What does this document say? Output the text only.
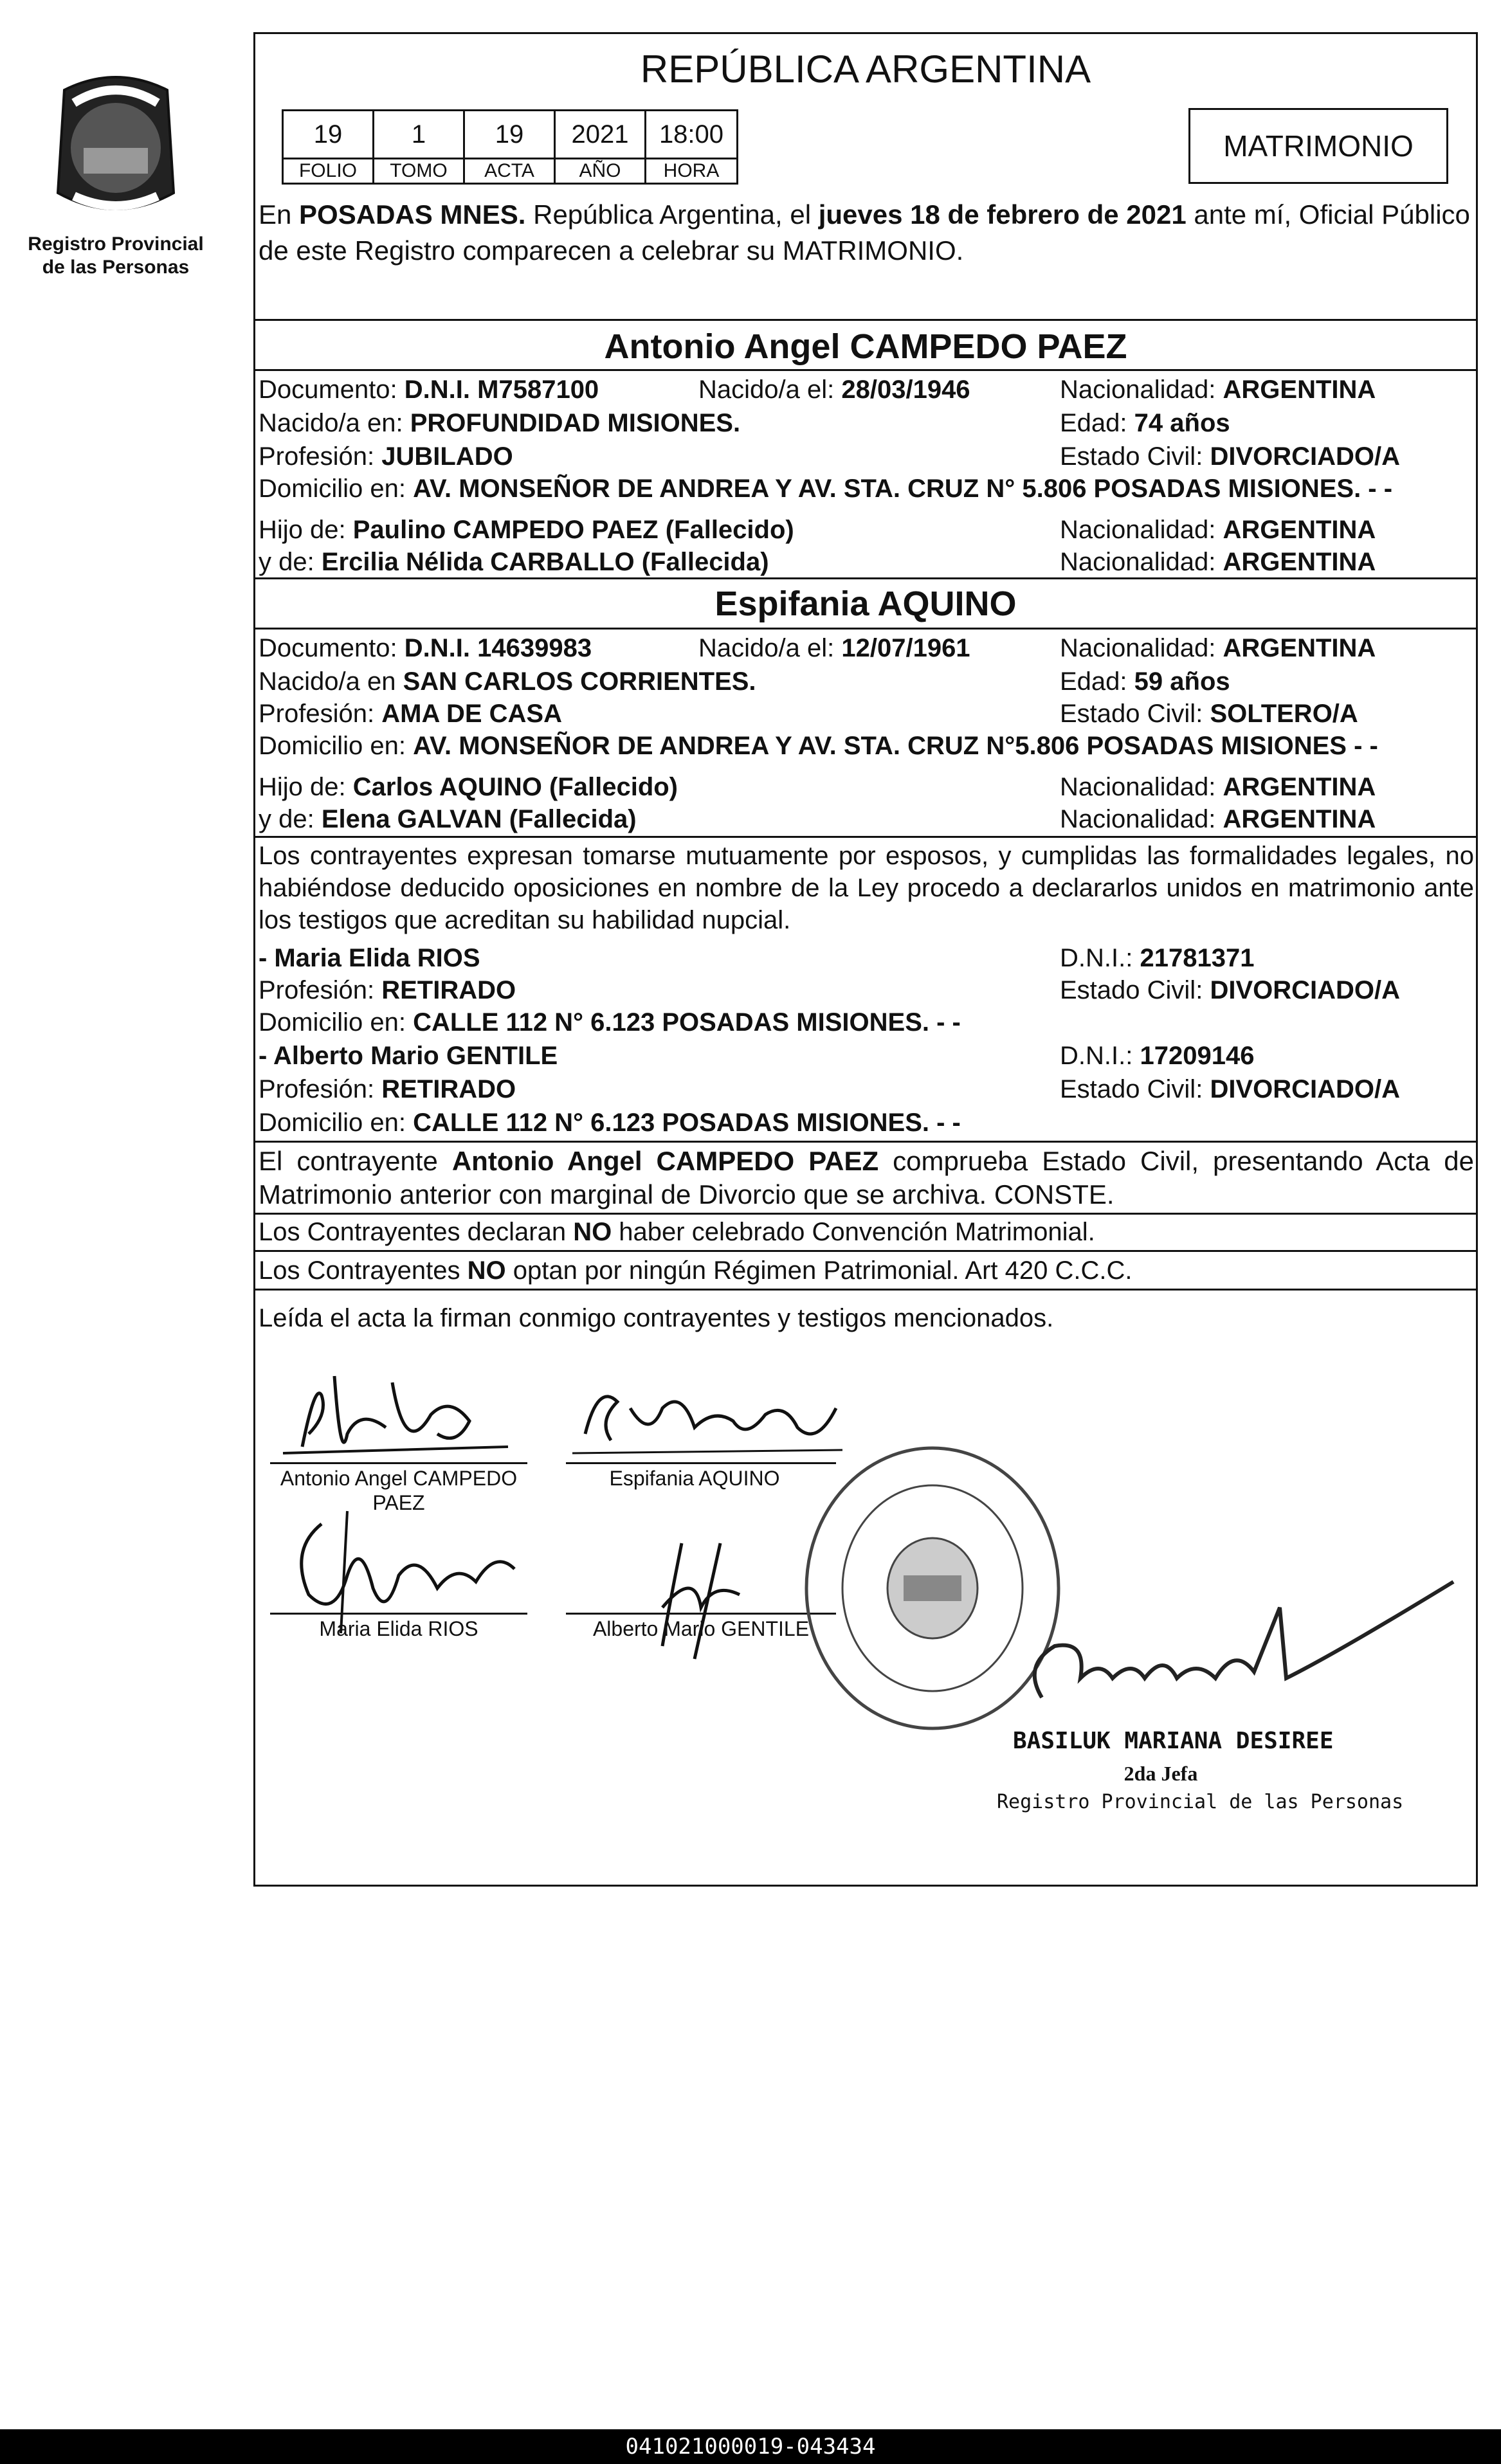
Registro Provincial
de las Personas
REPÚBLICA ARGENTINA
19	1	19	2021	18:00
FOLIO	TOMO	ACTA	AÑO	HORA
MATRIMONIO
En POSADAS MNES. República Argentina, el jueves 18 de febrero de 2021 ante mí, Oficial Público de este Registro comparecen a celebrar su MATRIMONIO.
Antonio Angel CAMPEDO PAEZ
Documento: D.N.I. M7587100	Nacido/a el: 28/03/1946	Nacionalidad: ARGENTINA
Nacido/a en: PROFUNDIDAD MISIONES.	Edad: 74 años
Profesión: JUBILADO	Estado Civil: DIVORCIADO/A
Domicilio en: AV. MONSEÑOR DE ANDREA Y AV. STA. CRUZ N° 5.806 POSADAS MISIONES. - -
Hijo de: Paulino CAMPEDO PAEZ (Fallecido)	Nacionalidad: ARGENTINA
y de: Ercilia Nélida CARBALLO (Fallecida)	Nacionalidad: ARGENTINA
Espifania AQUINO
Documento: D.N.I. 14639983	Nacido/a el: 12/07/1961	Nacionalidad: ARGENTINA
Nacido/a en SAN CARLOS CORRIENTES.	Edad: 59 años
Profesión: AMA DE CASA	Estado Civil: SOLTERO/A
Domicilio en: AV. MONSEÑOR DE ANDREA Y AV. STA. CRUZ N°5.806 POSADAS MISIONES - -
Hijo de: Carlos AQUINO (Fallecido)	Nacionalidad: ARGENTINA
y de: Elena GALVAN (Fallecida)	Nacionalidad: ARGENTINA
Los contrayentes expresan tomarse mutuamente por esposos, y cumplidas las formalidades legales, no habiéndose deducido oposiciones en nombre de la Ley procedo a declararlos unidos en matrimonio ante los testigos que acreditan su habilidad nupcial.
- Maria Elida RIOS	D.N.I.: 21781371
Profesión: RETIRADO	Estado Civil: DIVORCIADO/A
Domicilio en: CALLE 112 N° 6.123 POSADAS MISIONES. - -
- Alberto Mario GENTILE	D.N.I.: 17209146
Profesión: RETIRADO	Estado Civil: DIVORCIADO/A
Domicilio en: CALLE 112 N° 6.123 POSADAS MISIONES. - -
El contrayente Antonio Angel CAMPEDO PAEZ comprueba Estado Civil, presentando Acta de Matrimonio anterior con marginal de Divorcio que se archiva. CONSTE.
Los Contrayentes declaran NO haber celebrado Convención Matrimonial.
Los Contrayentes NO optan por ningún Régimen Patrimonial. Art 420 C.C.C.
Leída el acta la firman conmigo contrayentes y testigos mencionados.
Antonio Angel CAMPEDO
PAEZ
Espifania AQUINO
Maria Elida RIOS	Alberto Mario GENTILE
BASILUK MARIANA DESIREE
2da Jefa
Registro Provincial de las Personas
041021000019-043434
